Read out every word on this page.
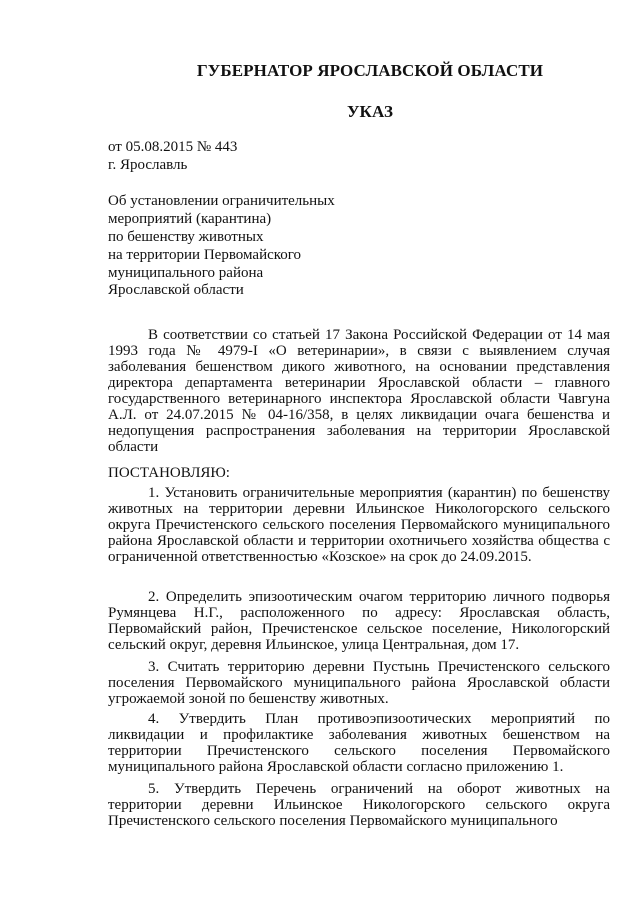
ГУБЕРНАТОР ЯРОСЛАВСКОЙ ОБЛАСТИ
УКАЗ
от 05.08.2015 № 443
г. Ярославль
Об установлении ограничительных
мероприятий (карантина)
по бешенству животных
на территории Первомайского
муниципального района
Ярославской области
В соответствии со статьей 17 Закона Российской Федерации от 14 мая 1993 года № 4979-I «О ветеринарии», в связи с выявлением случая заболевания бешенством дикого животного, на основании представления директора департамента ветеринарии Ярославской области – главного государственного ветеринарного инспектора Ярославской области Чавгуна А.Л. от 24.07.2015 № 04-16/358, в целях ликвидации очага бешенства и недопущения распространения заболевания на территории Ярославской области
ПОСТАНОВЛЯЮ:
1. Установить ограничительные мероприятия (карантин) по бешенству животных на территории деревни Ильинское Никологорского сельского округа Пречистенского сельского поселения Первомайского муниципального района Ярославской области и территории охотничьего хозяйства общества с ограниченной ответственностью «Козское» на срок до 24.09.2015.
2. Определить эпизоотическим очагом территорию личного подворья Румянцева Н.Г., расположенного по адресу: Ярославская область, Первомайский район, Пречистенское сельское поселение, Никологорский сельский округ, деревня Ильинское, улица Центральная, дом 17.
3. Считать территорию деревни Пустынь Пречистенского сельского поселения Первомайского муниципального района Ярославской области угрожаемой зоной по бешенству животных.
4. Утвердить План противоэпизоотических мероприятий по ликвидации и профилактике заболевания животных бешенством на территории Пречистенского сельского поселения Первомайского муниципального района Ярославской области согласно приложению 1.
5. Утвердить Перечень ограничений на оборот животных на территории деревни Ильинское Никологорского сельского округа Пречистенского сельского поселения Первомайского муниципального
